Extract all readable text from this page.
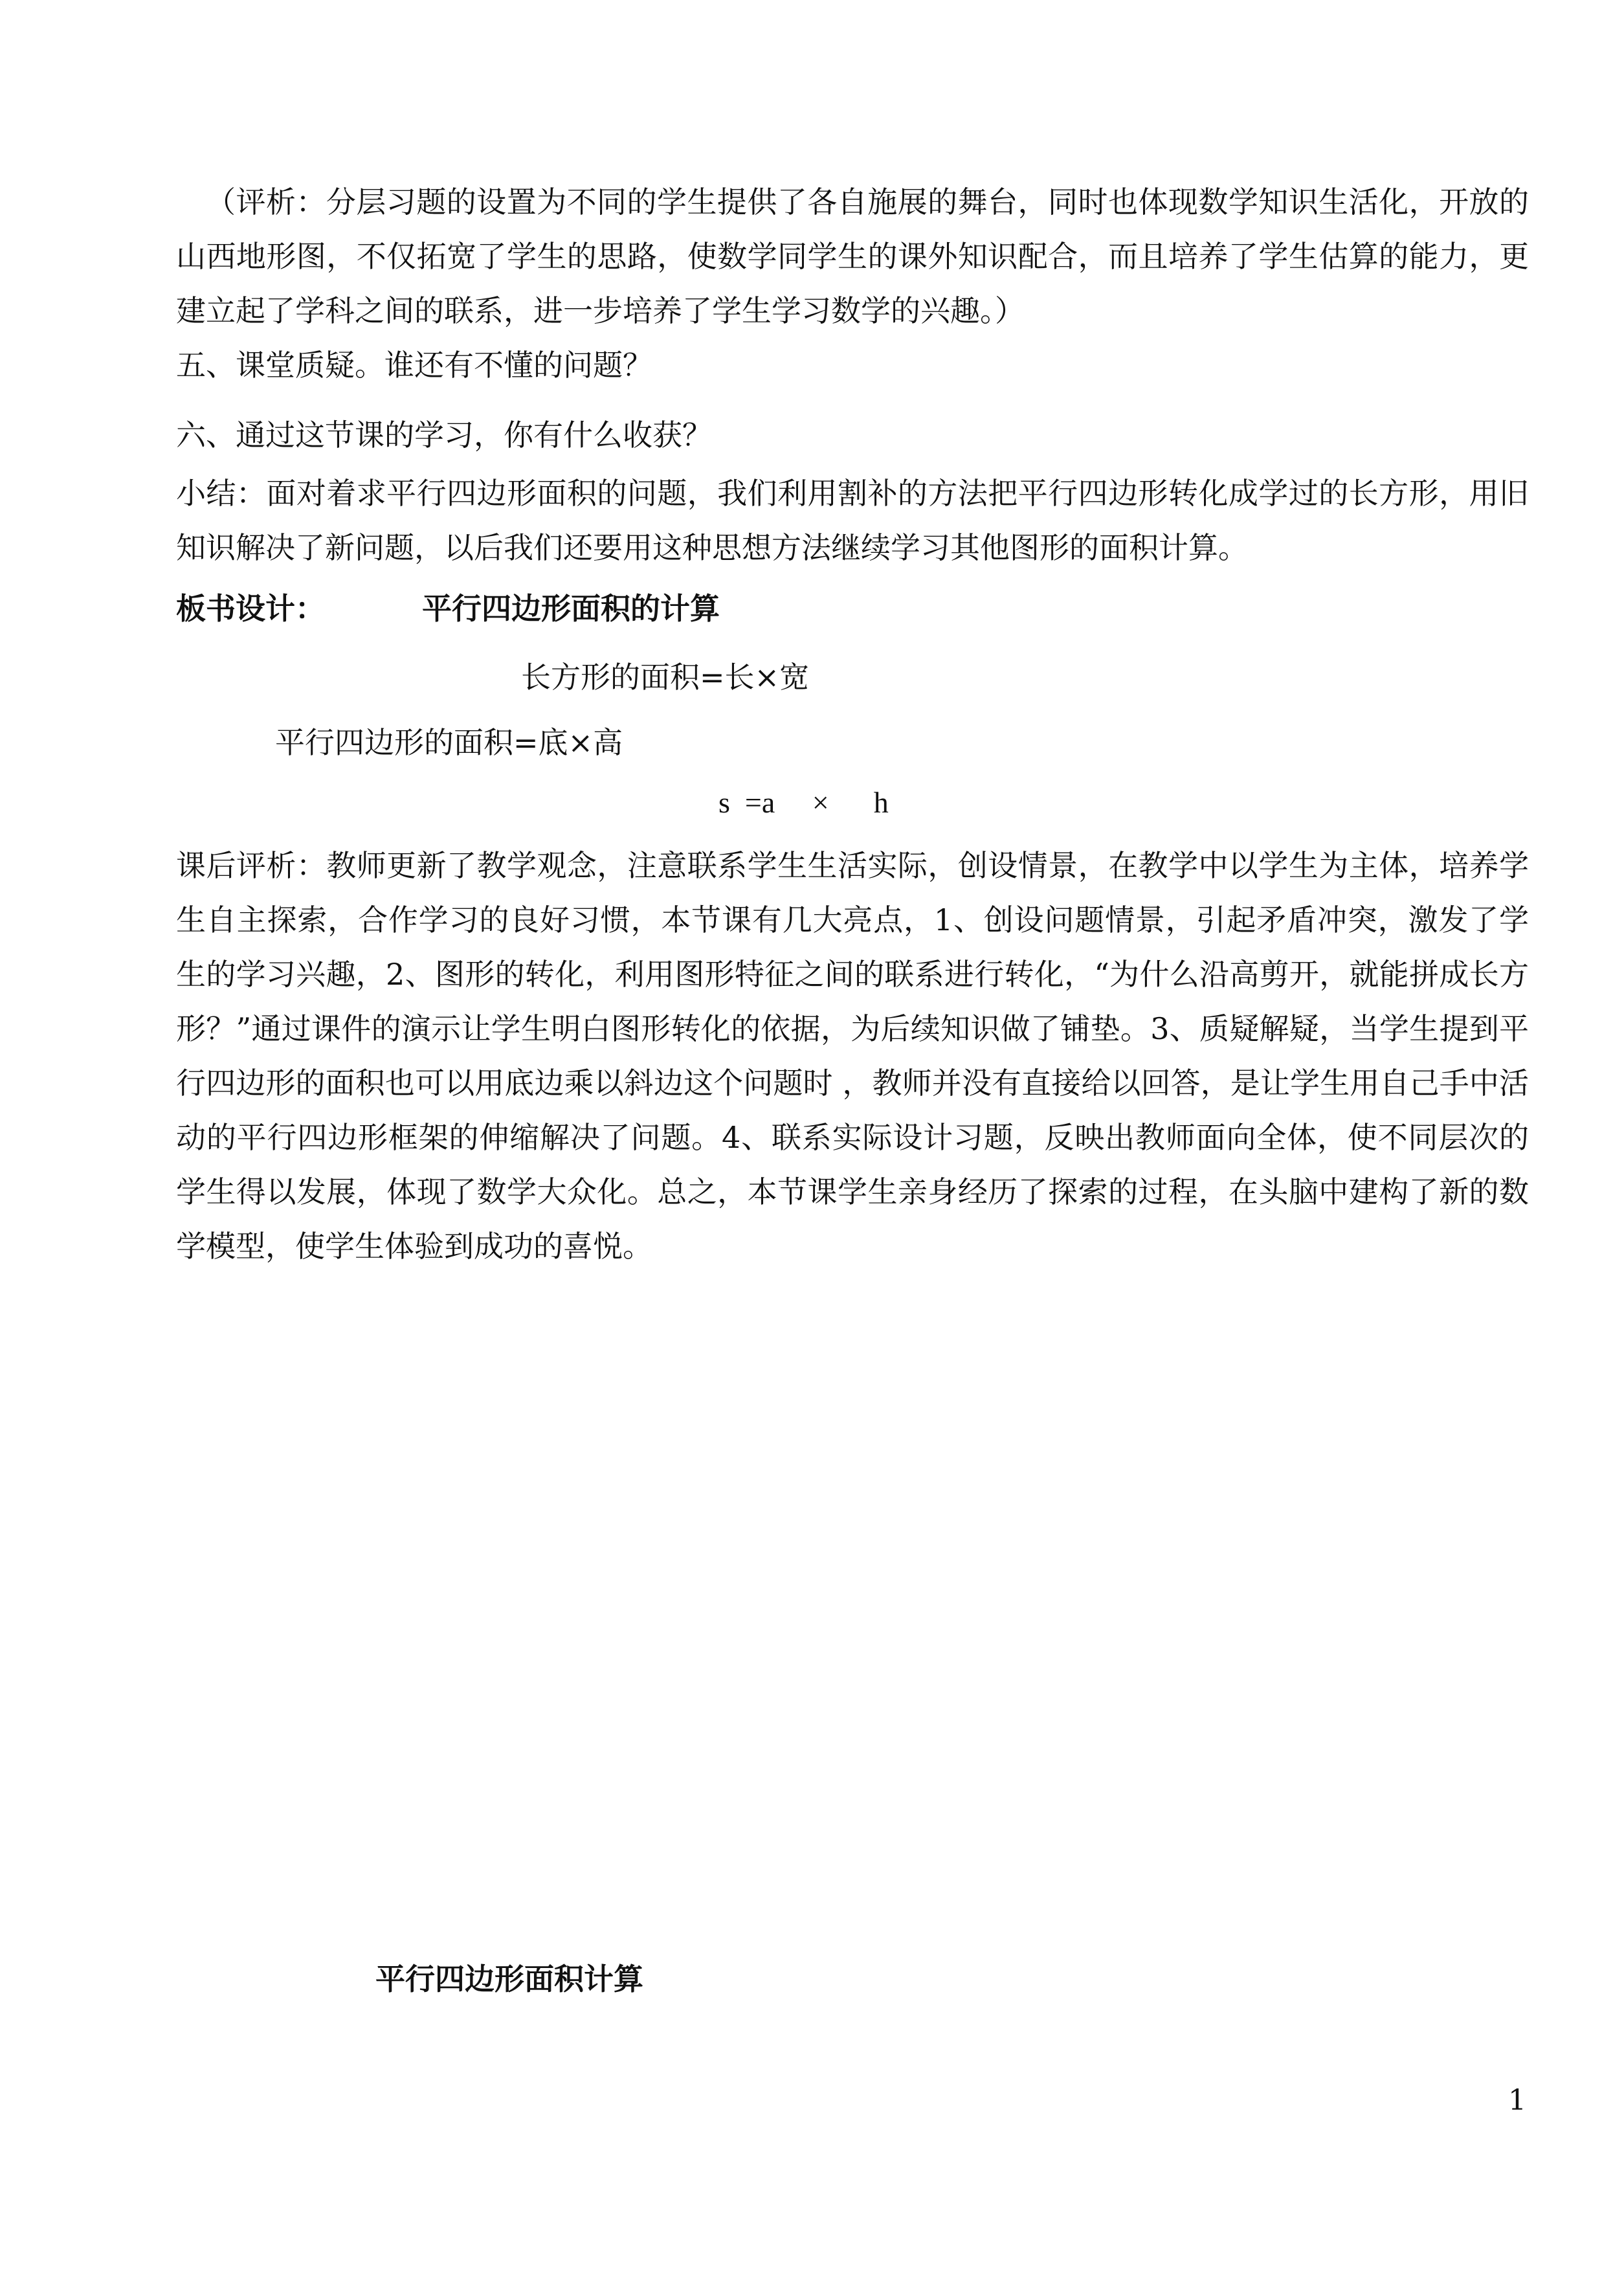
（评析：分层习题的设置为不同的学生提供了各自施展的舞台，同时也体现数学知识生活化，开放的山西地形图，不仅拓宽了学生的思路，使数学同学生的课外知识配合，而且培养了学生估算的能力，更建立起了学科之间的联系，进一步培养了学生学习数学的兴趣。）

五、课堂质疑。谁还有不懂的问题？

六、通过这节课的学习，你有什么收获？

小结：面对着求平行四边形面积的问题，我们利用割补的方法把平行四边形转化成学过的长方形，用旧知识解决了新问题，以后我们还要用这种思想方法继续学习其他图形的面积计算。

板书设计：	平行四边形面积的计算
长方形的面积=长×宽
平行四边形的面积=底×高
s  =a     ×      h

课后评析：教师更新了教学观念，注意联系学生生活实际，创设情景，在教学中以学生为主体，培养学生自主探索，合作学习的良好习惯，本节课有几大亮点，1、创设问题情景，引起矛盾冲突，激发了学生的学习兴趣，2、图形的转化，利用图形特征之间的联系进行转化，“为什么沿高剪开，就能拼成长方形？”通过课件的演示让学生明白图形转化的依据，为后续知识做了铺垫。3、质疑解疑，当学生提到平行四边形的面积也可以用底边乘以斜边这个问题时 ，教师并没有直接给以回答，是让学生用自己手中活动的平行四边形框架的伸缩解决了问题。4、联系实际设计习题，反映出教师面向全体，使不同层次的学生得以发展，体现了数学大众化。总之，本节课学生亲身经历了探索的过程，在头脑中建构了新的数学模型，使学生体验到成功的喜悦。

平行四边形面积计算
1
